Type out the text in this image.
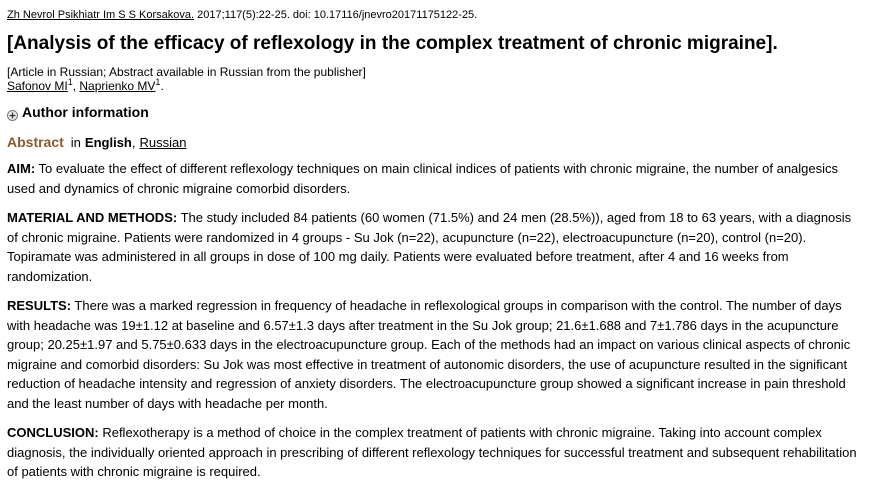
Zh Nevrol Psikhiatr Im S S Korsakova. 2017;117(5):22-25. doi: 10.17116/jnevro20171175122-25.
[Analysis of the efficacy of reflexology in the complex treatment of chronic migraine].
[Article in Russian; Abstract available in Russian from the publisher]
Safonov $MI^1$, Naprienko $MV^1$.
Author information
Abstract in English , Russian
AIM: To evaluate the effect of different reflexology techniques on main clinical indices of patients with chronic migraine, the number of analgesics used and dynamics of chronic migraine comorbid disorders.
MATERIAL AND METHODS: The study included 84 patients (60 women (71.5%) and 24 men (28.5%)), aged from 18 to 63 years, with a diagnosis of chronic migraine. Patients were randomized in 4 groups - Su Jok (n=22), acupuncture (n=22), electroacupuncture (n=20), control (n=20). Topiramate was administered in all groups in dose of 100 mg daily. Patients were evaluated before treatment, after 4 and 16 weeks from randomization.
RESULTS: There was a marked regression in frequency of headache in reflexological groups in comparison with the control. The number of days with headache was 19±1.12 at baseline and 6.57±1.3 days after treatment in the Su Jok group; 21.6±1.688 and 7±1.786 days in the acupuncture group; 20.25±1.97 and 5.75±0.633 days in the electroacupuncture group. Each of the methods had an impact on various clinical aspects of chronic migraine and comorbid disorders: Su Jok was most effective in treatment of autonomic disorders, the use of acupuncture resulted in the significant reduction of headache intensity and regression of anxiety disorders. The electroacupuncture group showed a significant increase in pain threshold and the least number of days with headache per month.
CONCLUSION: Reflexotherapy is a method of choice in the complex treatment of patients with chronic migraine. Taking into account complex diagnosis, the individually oriented approach in prescribing of different reflexology techniques for successful treatment and subsequent rehabilitation of patients with chronic migraine is required.
